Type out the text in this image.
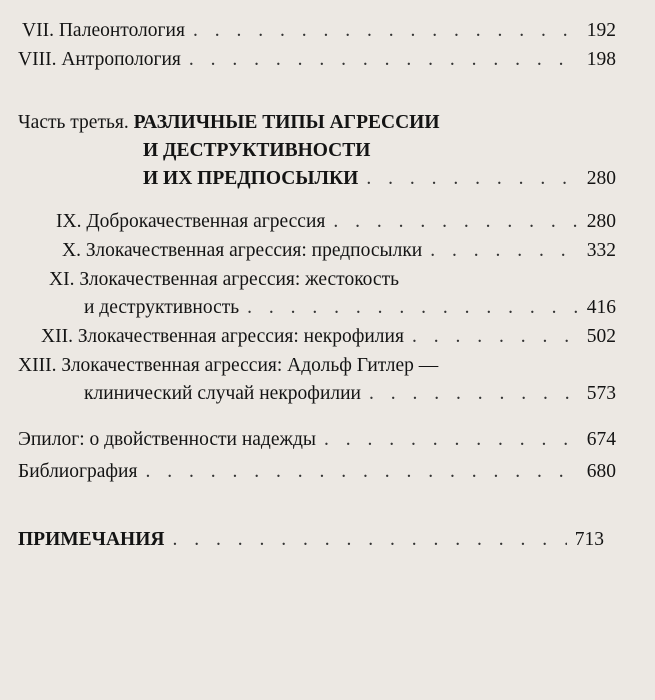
VII. Палеонтология . . .	192
VIII. Антропология . . .	198
Часть третья. РАЗЛИЧНЫЕ ТИПЫ АГРЕССИИ
И ДЕСТРУКТИВНОСТИ
И ИХ ПРЕДПОСЫЛКИ . . .	280
IX. Доброкачественная агрессия . . .	280
X. Злокачественная агрессия: предпосылки . . .	332
XI. Злокачественная агрессия: жестокость
и деструктивность . . .	416
XII. Злокачественная агрессия: некрофилия . . .	502
XIII. Злокачественная агрессия: Адольф Гитлер —
клинический случай некрофилии . . .	573
Эпилог: о двойственности надежды . . .	674
Библиография . . .	680
ПРИМЕЧАНИЯ . . .	713
